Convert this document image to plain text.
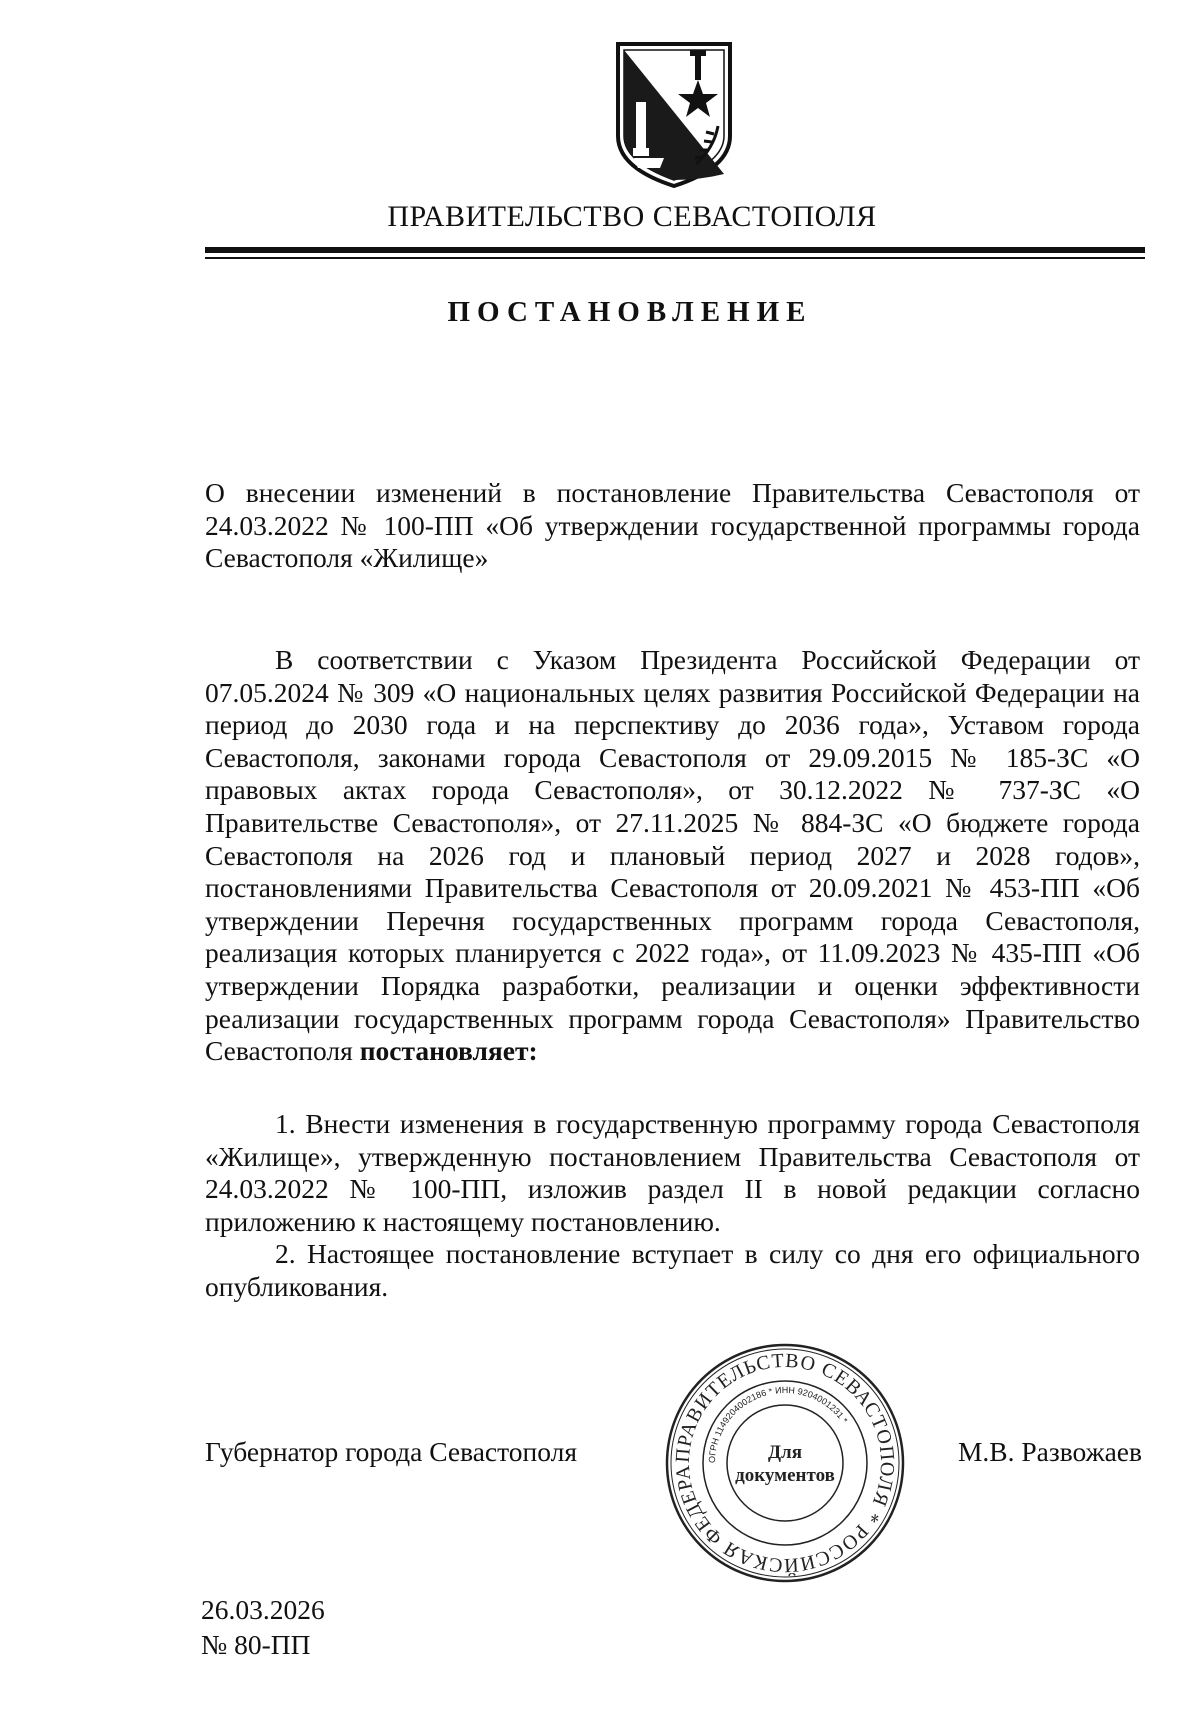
ПРАВИТЕЛЬСТВО СЕВАСТОПОЛЯ
ПОСТАНОВЛЕНИЕ

О внесении изменений в постановление Правительства Севастополя от 24.03.2022 № 100-ПП «Об утверждении государственной программы города Севастополя «Жилище»

В соответствии с Указом Президента Российской Федерации от 07.05.2024 № 309 «О национальных целях развития Российской Федерации на период до 2030 года и на перспективу до 2036 года», Уставом города Севастополя, законами города Севастополя от 29.09.2015 № 185-ЗС «О правовых актах города Севастополя», от 30.12.2022 № 737-ЗС «О Правительстве Севастополя», от 27.11.2025 № 884-ЗС «О бюджете города Севастополя на 2026 год и плановый период 2027 и 2028 годов», постановлениями Правительства Севастополя от 20.09.2021 № 453-ПП «Об утверждении Перечня государственных программ города Севастополя, реализация которых планируется с 2022 года», от 11.09.2023 № 435-ПП «Об утверждении Порядка разработки, реализации и оценки эффективности реализации государственных программ города Севастополя» Правительство Севастополя постановляет:

1. Внести изменения в государственную программу города Севастополя «Жилище», утвержденную постановлением Правительства Севастополя от 24.03.2022 № 100-ПП, изложив раздел II в новой редакции согласно приложению к настоящему постановлению.

2. Настоящее постановление вступает в силу со дня его официального опубликования.

Губернатор города Севастополя	М.В. Развожаев
ПРАВИТЕЛЬСТВО СЕВАСТОПОЛЯ * РОССИЙСКАЯ ФЕДЕРА
ОГРН 1149204002186 * ИНН 9204001231 *
Для
документов
26.03.2026
№ 80-ПП
